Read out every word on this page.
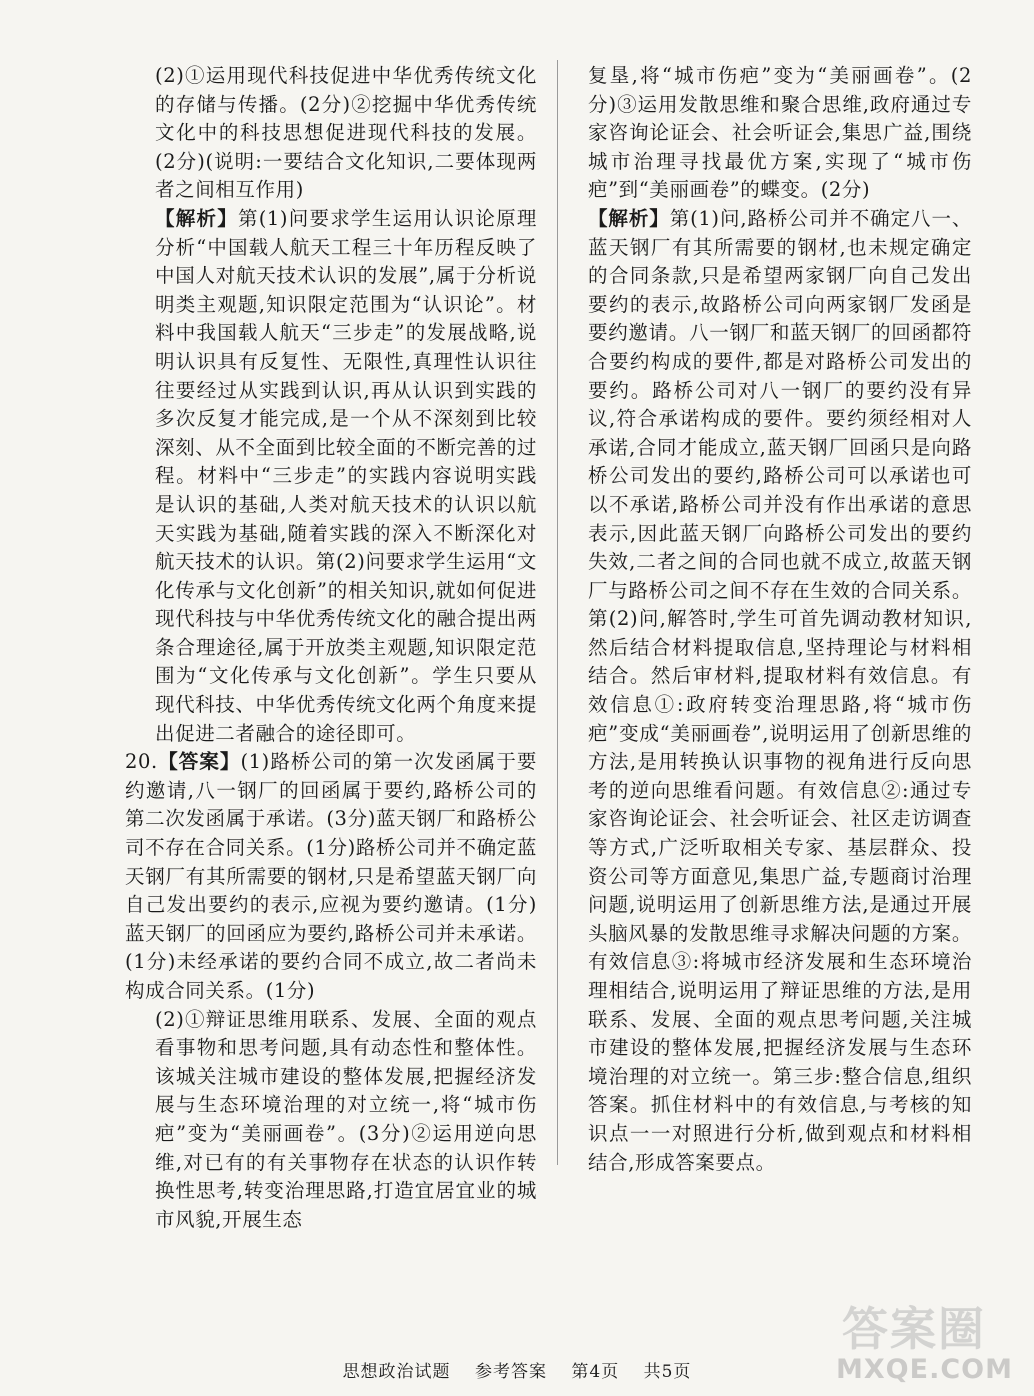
(2)①运用现代科技促进中华优秀传统文化的存储与传播。(2分)②挖掘中华优秀传统文化中的科技思想促进现代科技的发展。(2分)(说明:一要结合文化知识,二要体现两者之间相互作用)

【解析】第(1)问要求学生运用认识论原理分析“中国载人航天工程三十年历程反映了中国人对航天技术认识的发展”,属于分析说明类主观题,知识限定范围为“认识论”。材料中我国载人航天“三步走”的发展战略,说明认识具有反复性、无限性,真理性认识往往要经过从实践到认识,再从认识到实践的多次反复才能完成,是一个从不深刻到比较深刻、从不全面到比较全面的不断完善的过程。材料中“三步走”的实践内容说明实践是认识的基础,人类对航天技术的认识以航天实践为基础,随着实践的深入不断深化对航天技术的认识。第(2)问要求学生运用“文化传承与文化创新”的相关知识,就如何促进现代科技与中华优秀传统文化的融合提出两条合理途径,属于开放类主观题,知识限定范围为“文化传承与文化创新”。学生只要从现代科技、中华优秀传统文化两个角度来提出促进二者融合的途径即可。

20.【答案】(1)路桥公司的第一次发函属于要约邀请,八一钢厂的回函属于要约,路桥公司的第二次发函属于承诺。(3分)蓝天钢厂和路桥公司不存在合同关系。(1分)路桥公司并不确定蓝天钢厂有其所需要的钢材,只是希望蓝天钢厂向自己发出要约的表示,应视为要约邀请。(1分)蓝天钢厂的回函应为要约,路桥公司并未承诺。(1分)未经承诺的要约合同不成立,故二者尚未构成合同关系。(1分)

(2)①辩证思维用联系、发展、全面的观点看事物和思考问题,具有动态性和整体性。该城关注城市建设的整体发展,把握经济发展与生态环境治理的对立统一,将“城市伤疤”变为“美丽画卷”。(3分)②运用逆向思维,对已有的有关事物存在状态的认识作转换性思考,转变治理思路,打造宜居宜业的城市风貌,开展生态

复垦,将“城市伤疤”变为“美丽画卷”。(2分)③运用发散思维和聚合思维,政府通过专家咨询论证会、社会听证会,集思广益,围绕城市治理寻找最优方案,实现了“城市伤疤”到“美丽画卷”的蝶变。(2分)

【解析】第(1)问,路桥公司并不确定八一、蓝天钢厂有其所需要的钢材,也未规定确定的合同条款,只是希望两家钢厂向自己发出要约的表示,故路桥公司向两家钢厂发函是要约邀请。八一钢厂和蓝天钢厂的回函都符合要约构成的要件,都是对路桥公司发出的要约。路桥公司对八一钢厂的要约没有异议,符合承诺构成的要件。要约须经相对人承诺,合同才能成立,蓝天钢厂回函只是向路桥公司发出的要约,路桥公司可以承诺也可以不承诺,路桥公司并没有作出承诺的意思表示,因此蓝天钢厂向路桥公司发出的要约失效,二者之间的合同也就不成立,故蓝天钢厂与路桥公司之间不存在生效的合同关系。第(2)问,解答时,学生可首先调动教材知识,然后结合材料提取信息,坚持理论与材料相结合。然后审材料,提取材料有效信息。有效信息①:政府转变治理思路,将“城市伤疤”变成“美丽画卷”,说明运用了创新思维的方法,是用转换认识事物的视角进行反向思考的逆向思维看问题。有效信息②:通过专家咨询论证会、社会听证会、社区走访调查等方式,广泛听取相关专家、基层群众、投资公司等方面意见,集思广益,专题商讨治理问题,说明运用了创新思维方法,是通过开展头脑风暴的发散思维寻求解决问题的方案。有效信息③:将城市经济发展和生态环境治理相结合,说明运用了辩证思维的方法,是用联系、发展、全面的观点思考问题,关注城市建设的整体发展,把握经济发展与生态环境治理的对立统一。第三步:整合信息,组织答案。抓住材料中的有效信息,与考核的知识点一一对照进行分析,做到观点和材料相结合,形成答案要点。

思想政治试题 参考答案 第4页 共5页
答案圈
MXQE.COM
